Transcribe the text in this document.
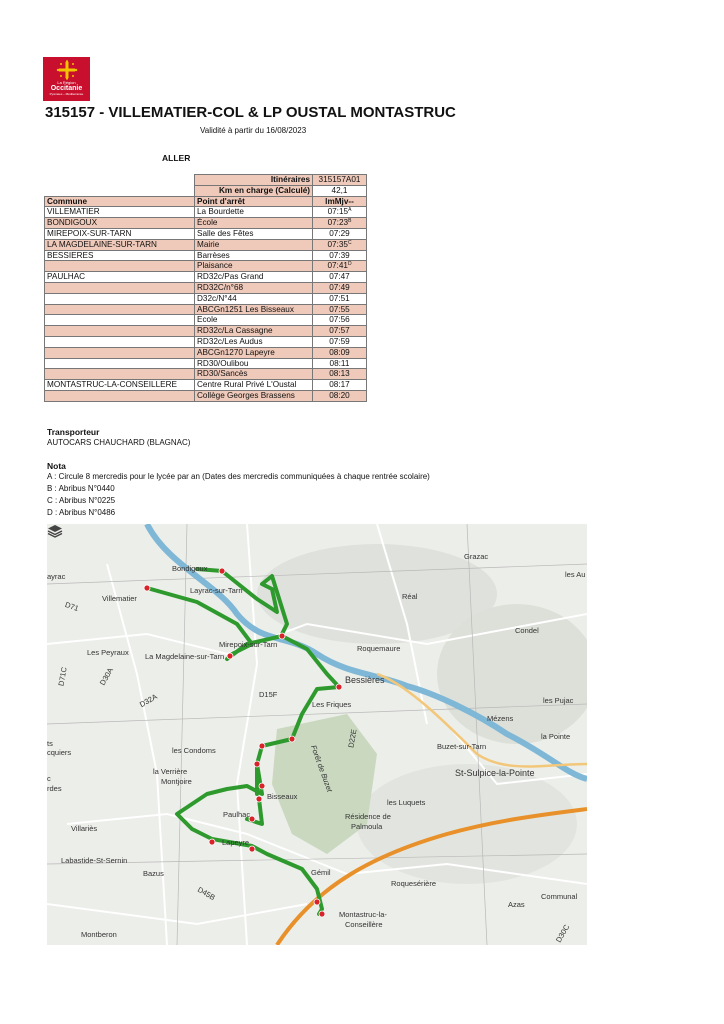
La Région
Occitanie
Pyrénées – Méditerranée
315157 - VILLEMATIER-COL & LP OUSTAL MONTASTRUC
Validité à partir du 16/08/2023
ALLER
	Itinéraires	315157A01
	Km en charge (Calculé)	42,1
Commune	Point d'arrêt	lmMjv--
VILLEMATIER	La Bourdette	$07:15^A$
BONDIGOUX	École	$07:23^B$
MIREPOIX-SUR-TARN	Salle des Fêtes	07:29
LA MAGDELAINE-SUR-TARN	Mairie	$07:35^C$
BESSIERES	Barrèses	07:39
	Plaisance	$07:41^D$
PAULHAC	RD32c/Pas Grand	07:47
	RD32C/n°68	07:49
	D32c/N°44	07:51
	ABCGn1251 Les Bisseaux	07:55
	Ecole	07:56
	RD32c/La Cassagne	07:57
	RD32c/Les Audus	07:59
	ABCGn1270 Lapeyre	08:09
	RD30/Oulibou	08:11
	RD30/Sancès	08:13
MONTASTRUC-LA-CONSEILLERE	Centre Rural Privé L'Oustal	08:17
	Collège Georges Brassens	08:20
Transporteur
AUTOCARS CHAUCHARD (BLAGNAC)
Nota
A : Circule 8 mercredis pour le lycée par an (Dates des mercredis communiquées à chaque rentrée scolaire)
B : Abribus N°0440
C : Abribus N°0225
D : Abribus N°0486
Bondigoux
Layrac-sur-Tarn
Villematier
Mirepoix-sur-Tarn
La Magdelaine-sur-Tarn
Les Peyraux
Bessières
Les Friques
Roquemaure
Réal
Grazac
les Au
Condel
Mézens
les Pujac
la Pointe
Buzet-sur-Tarn
St-Sulpice-la-Pointe
Forêt de Buzet
les Condoms
la Verrière
Montjoire
Paulhac
Bisseaux
les Luquets
Résidence de
Palmoula
Villariès
Labastide-St-Sernin
Bazus
Lapeyre
Gémil
Roquesérière
Azas
Communal
Montastruc-la-
Conseillère
Montberon
ayrac
cquiers
rdes
ts
c
D71
D71C	D30A
D32A	D15F
D22E
D45B
D30C
